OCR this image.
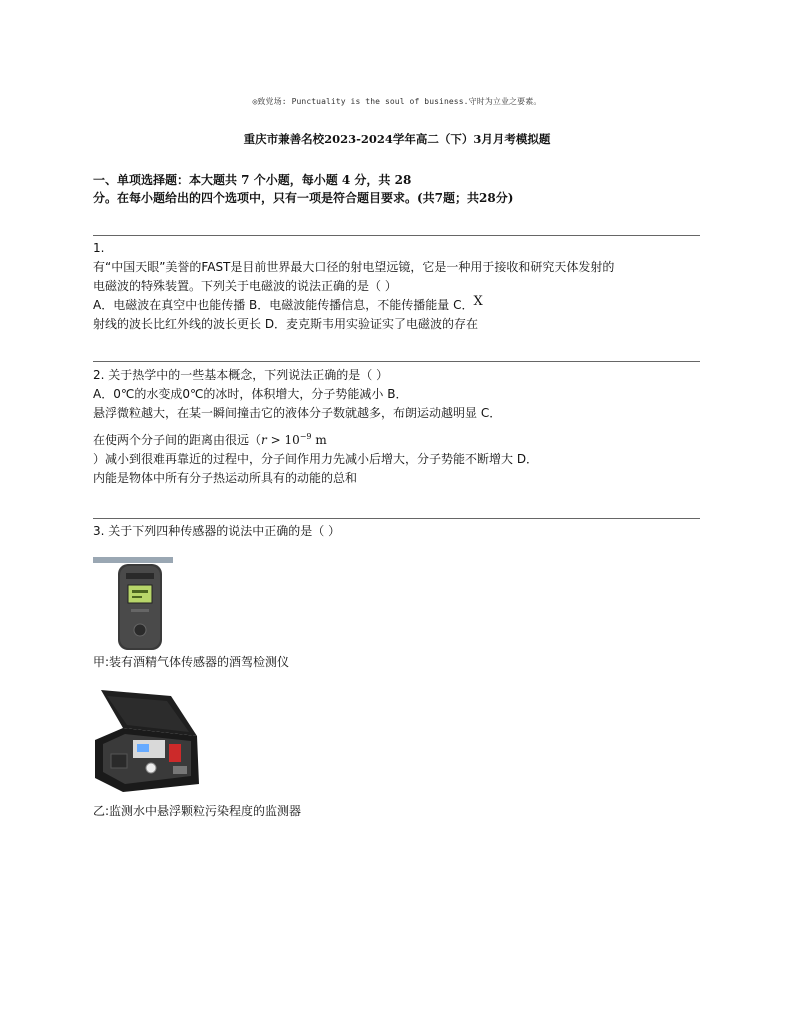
◎致党场: Punctuality is the soul of business.守时为立业之要素。
重庆市兼善名校2023-2024学年高二（下）3月月考模拟题
一、单项选择题：本大题共 7 个小题，每小题 4 分，共 28
分。在每小题给出的四个选项中，只有一项是符合题目要求。(共7题；共28分)
1.
有“中国天眼”美誉的FAST是目前世界最大口径的射电望远镜，它是一种用于接收和研究天体发射的
电磁波的特殊装置。下列关于电磁波的说法正确的是（ ）
A．电磁波在真空中也能传播 B．电磁波能传播信息，不能传播能量 C．X
射线的波长比红外线的波长更长 D．麦克斯韦用实验证实了电磁波的存在
2. 关于热学中的一些基本概念，下列说法正确的是（ ）
A．0℃的水变成0℃的冰时，体积增大，分子势能减小 B．
悬浮微粒越大，在某一瞬间撞击它的液体分子数就越多，布朗运动越明显 C．
在使两个分子间的距离由很远（$r > 10^{-9}$ m
）减小到很难再靠近的过程中，分子间作用力先减小后增大，分子势能不断增大 D．
内能是物体中所有分子热运动所具有的动能的总和
3. 关于下列四种传感器的说法中正确的是（ ）
甲:装有酒精气体传感器的酒驾检测仪
乙:监测水中悬浮颗粒污染程度的监测器
